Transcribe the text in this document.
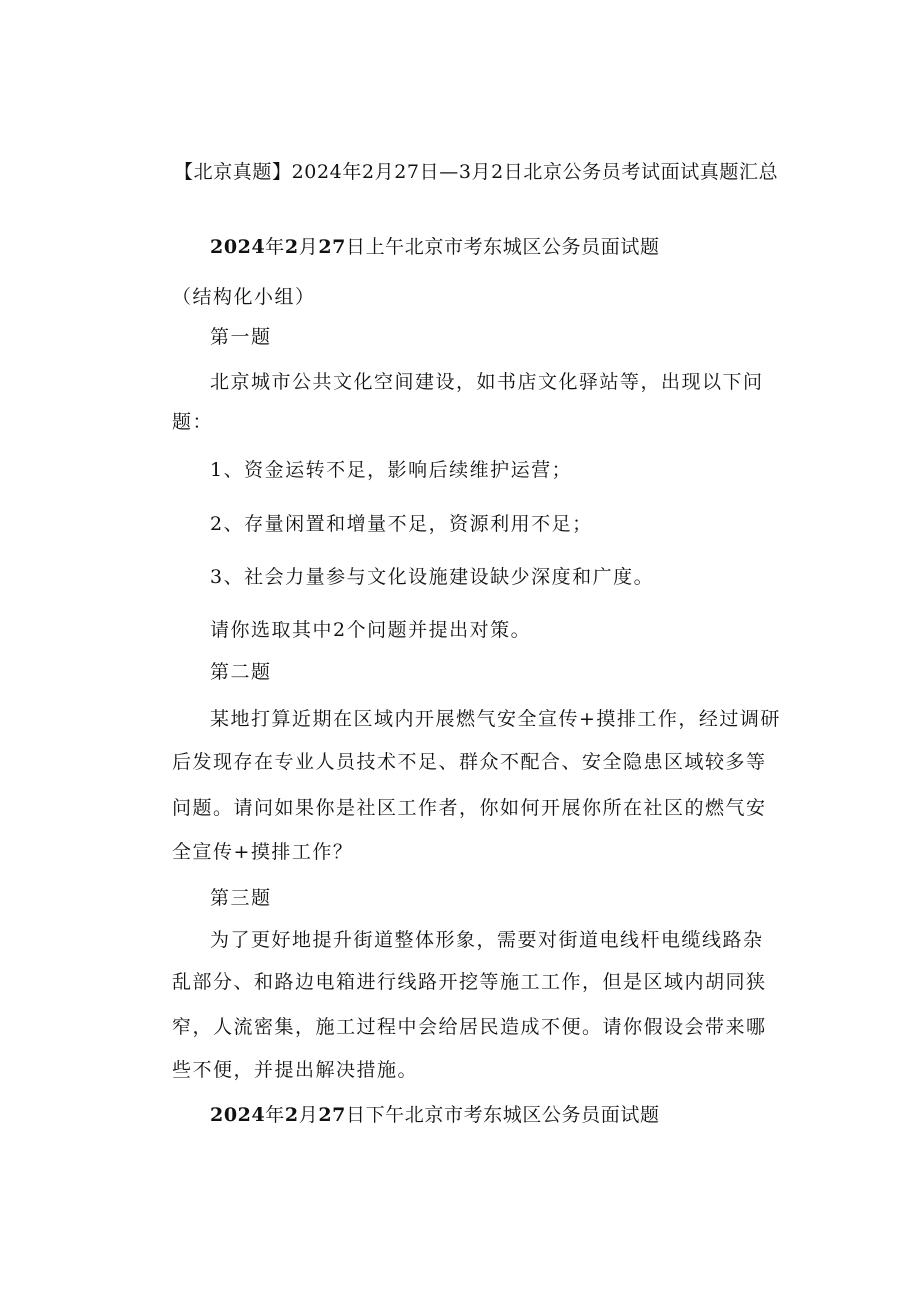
【北京真题】2024年2月27日—3月2日北京公务员考试面试真题汇总
2024年2月27日上午北京市考东城区公务员面试题
（结构化小组）
第一题
北京城市公共文化空间建设，如书店文化驿站等，出现以下问
题：
1、资金运转不足，影响后续维护运营；
2、存量闲置和增量不足，资源利用不足；
3、社会力量参与文化设施建设缺少深度和广度。
请你选取其中2个问题并提出对策。
第二题
某地打算近期在区域内开展燃气安全宣传+摸排工作，经过调研
后发现存在专业人员技术不足、群众不配合、安全隐患区域较多等
问题。请问如果你是社区工作者，你如何开展你所在社区的燃气安
全宣传+摸排工作？
第三题
为了更好地提升街道整体形象，需要对街道电线杆电缆线路杂
乱部分、和路边电箱进行线路开挖等施工工作，但是区域内胡同狭
窄，人流密集，施工过程中会给居民造成不便。请你假设会带来哪
些不便，并提出解决措施。
2024年2月27日下午北京市考东城区公务员面试题
